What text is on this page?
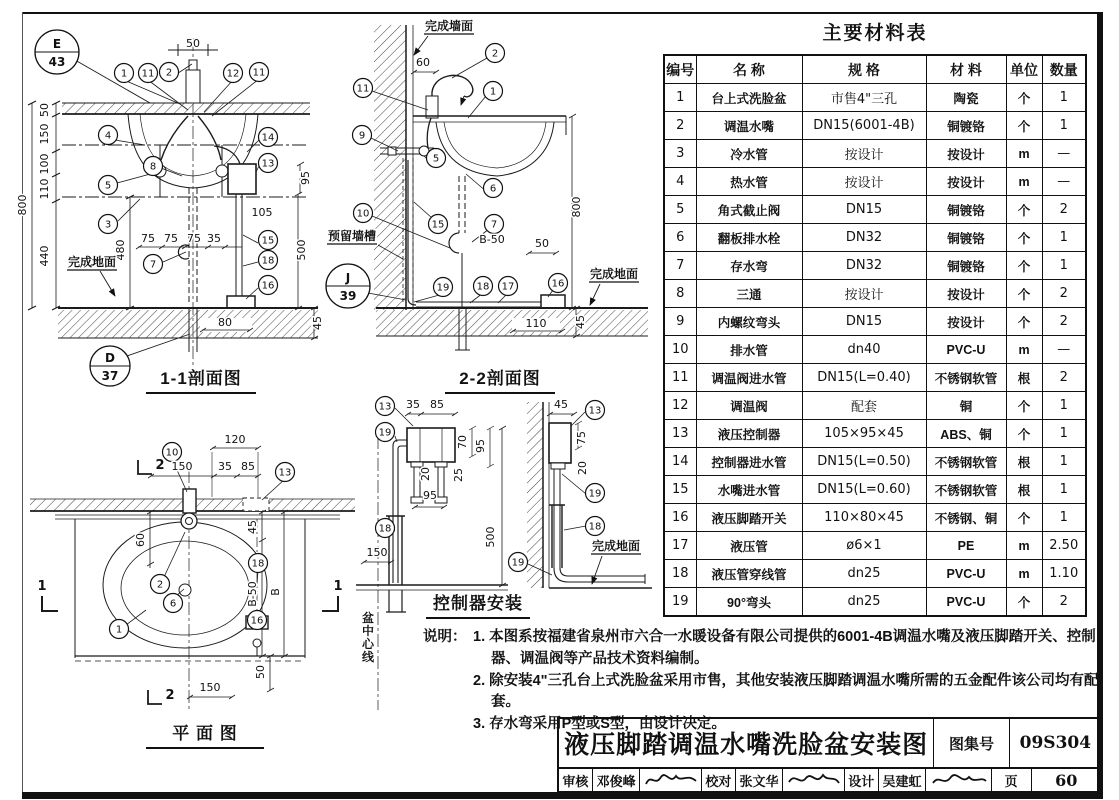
E
43
50
1 11 2	12 11
4	14
8	13
5
3
7
15
18
16
800
50
150
100
110
440	480
95
500
105
75 75 75 35
完成地面
80	45
D
37 1-1剖面图
完成墙面
60
2
1
11
9
5
6
10
15	7
19	18 17	16
预留墙槽
J
39
B-50	50
800
110	45
完成地面
2-2剖面图
10
13
2
6
1
18
16
120
150 35 85
2
2
1	1
60
45
B-50 B
50
150
平 面 图
13
19
18
13
19
18
19
35 85
70 95
20 25
95
500
150
45
75
20
完成地面
盆中心线
控制器安装
主要材料表
编号	名 称	规 格	材 料	单位	数量
1	台上式洗脸盆	市售4"三孔	陶瓷	个	1
2	调温水嘴	DN15(6001-4B)	铜镀铬	个	1
3	冷水管	按设计	按设计	m	—
4	热水管	按设计	按设计	m	—
5	角式截止阀	DN15	铜镀铬	个	2
6	翻板排水栓	DN32	铜镀铬	个	1
7	存水弯	DN32	铜镀铬	个	1
8	三通	按设计	按设计	个	2
9	内螺纹弯头	DN15	按设计	个	2
10	排水管	dn40	PVC-U	m	—
11	调温阀进水管	DN15(L=0.40)	不锈钢软管	根	2
12	调温阀	配套	铜	个	1
13	液压控制器	105×95×45	ABS、铜	个	1
14	控制器进水管	DN15(L=0.50)	不锈钢软管	根	1
15	水嘴进水管	DN15(L=0.60)	不锈钢软管	根	1
16	液压脚踏开关	110×80×45	不锈钢、铜	个	1
17	液压管	ø6×1	PE	m	2.50
18	液压管穿线管	dn25	PVC-U	m	1.10
19	90°弯头	dn25	PVC-U	个	2
说明： 1. 本图系按福建省泉州市六合一水暖设备有限公司提供的6001-4B调温水嘴及液压脚踏开关、控制器、调温阀等产品技术资料编制。
2. 除安装4"三孔台上式洗脸盆采用市售，其他安装液压脚踏调温水嘴所需的五金配件该公司均有配套。
3. 存水弯采用P型或S型，由设计决定。
液压脚踏调温水嘴洗脸盆安装图	图集号	09S304
审核 邓俊峰	校对 张文华	设计 吴建虹	页	60
